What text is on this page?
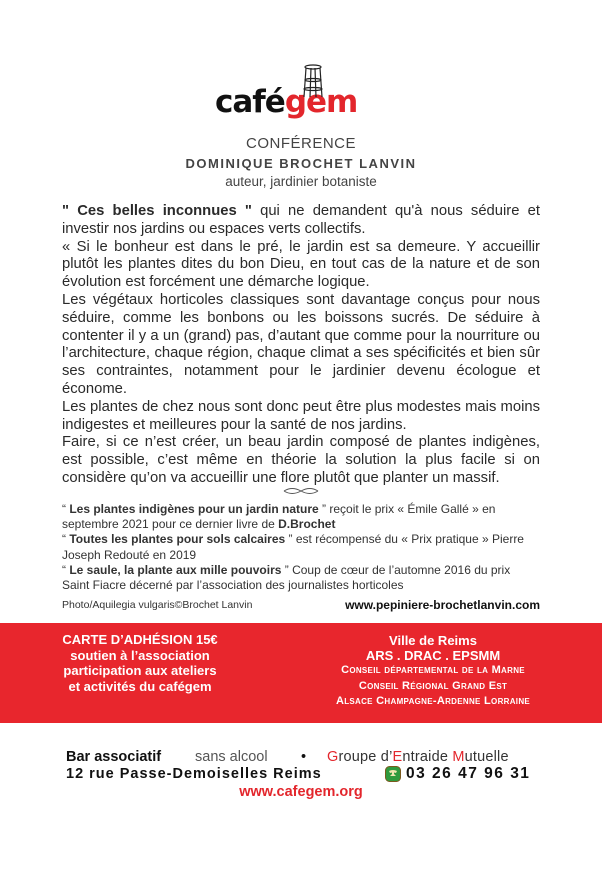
cafégem
CONFÉRENCE
DOMINIQUE BROCHET LANVIN
auteur, jardinier botaniste

" Ces belles inconnues " qui ne demandent qu'à nous séduire et investir nos jardins ou espaces verts collectifs.

« Si le bonheur est dans le pré, le jardin est sa demeure. Y accueillir plutôt les plantes dites du bon Dieu, en tout cas de la nature et de son évolution est forcément une démarche logique.

Les végétaux horticoles classiques sont davantage conçus pour nous séduire, comme les bonbons ou les boissons sucrés. De séduire à contenter il y a un (grand) pas, d’autant que comme pour la nourriture ou l’architecture, chaque région, chaque climat a ses spécificités et bien sûr ses contraintes, notamment pour le jardinier devenu écologue et économe.

Les plantes de chez nous sont donc peut être plus modestes mais moins indigestes et meilleures pour la santé de nos jardins.

Faire, si ce n’est créer, un beau jardin composé de plantes indigènes, est possible, c’est même en théorie la solution la plus facile si on considère qu’on va accueillir une flore plutôt que planter un massif.

“ Les plantes indigènes pour un jardin nature ” reçoit le prix « Émile Gallé » en septembre 2021 pour ce dernier livre de D.Brochet

“ Toutes les plantes pour sols calcaires ” est récompensé du « Prix pratique » Pierre Joseph Redouté en 2019

“ Le saule, la plante aux mille pouvoirs ” Coup de cœur de l’automne 2016 du prix Saint Fiacre décerné par l’association des journalistes horticoles

Photo/Aquilegia vulgaris©Brochet Lanvin	www.pepiniere-brochetlanvin.com
CARTE D’ADHÉSION 15€
soutien à l’association
participation aux ateliers
et activités du cafégem
Ville de Reims
ARS . DRAC . EPSMM
Conseil départemental de la Marne
Conseil Régional Grand Est
Alsace Champagne-Ardenne Lorraine
Bar associatif sans alcool • Groupe d’Entraide Mutuelle
12 rue Passe-Demoiselles Reims	03 26 47 96 31
www.cafegem.org
